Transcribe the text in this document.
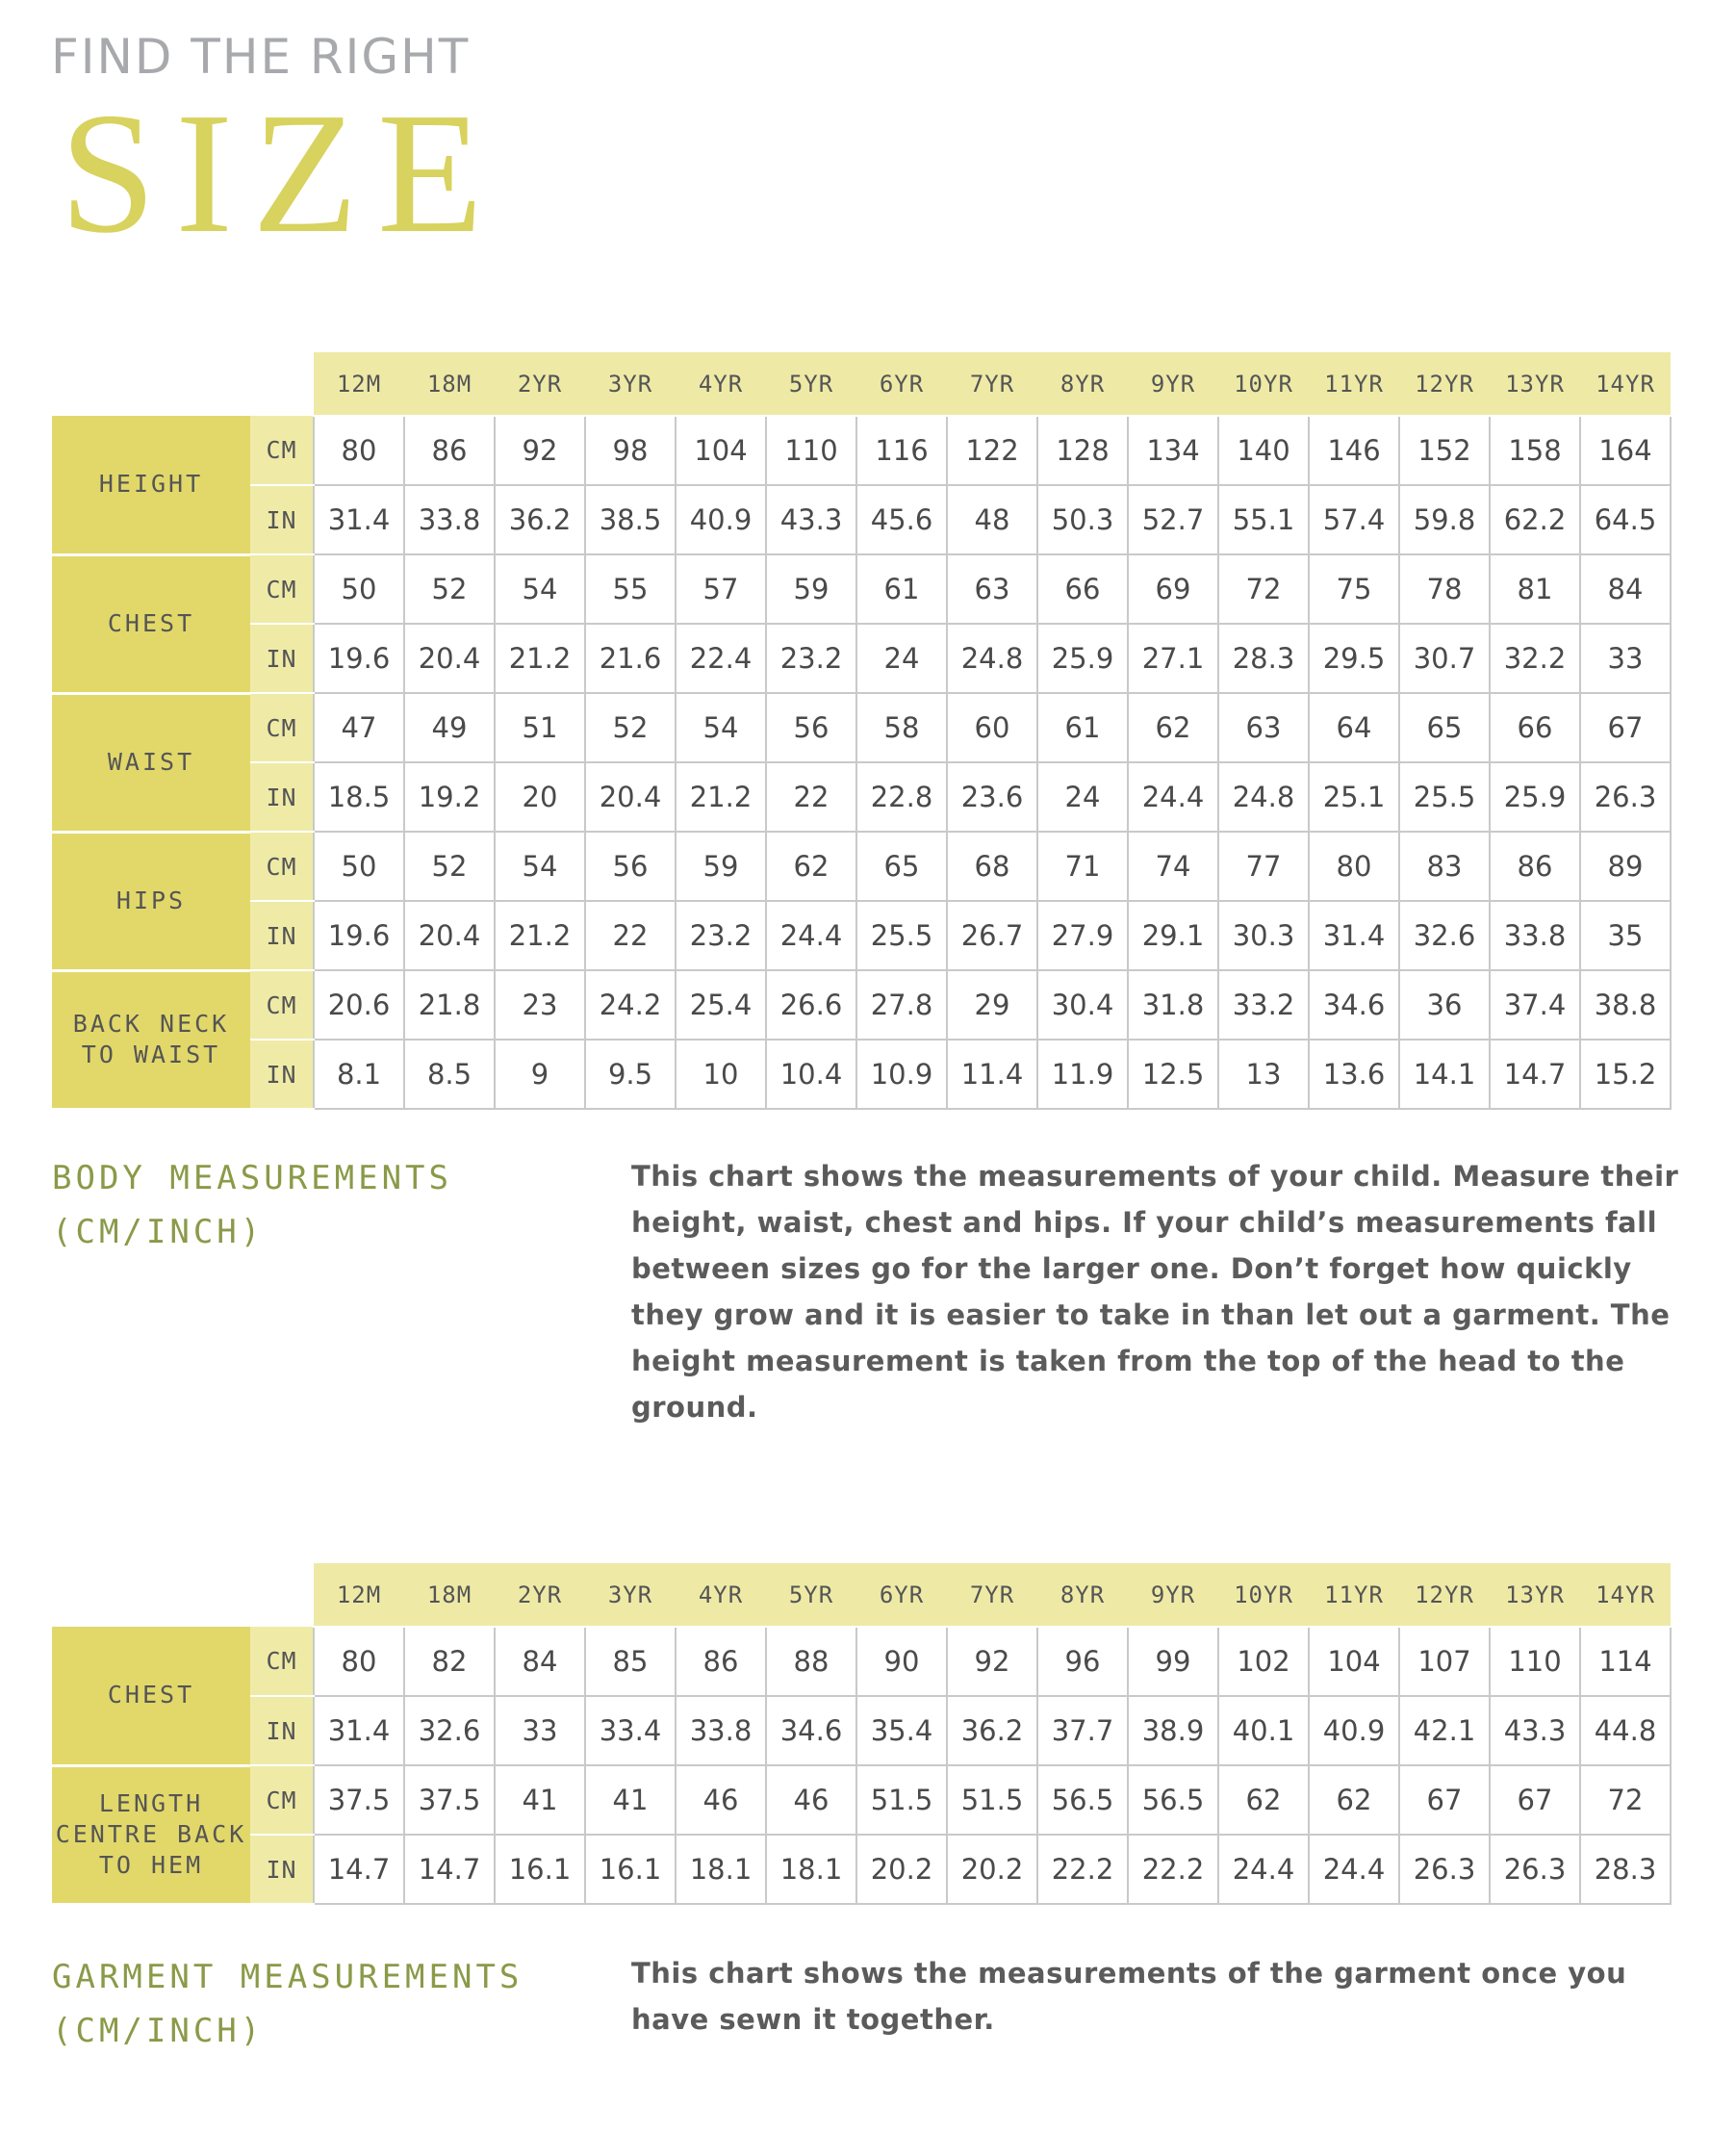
FIND THE RIGHT
SIZE
		12M	18M	2YR	3YR	4YR	5YR	6YR	7YR	8YR	9YR	10YR	11YR	12YR	13YR	14YR
HEIGHT	CM	80	86	92	98	104	110	116	122	128	134	140	146	152	158	164
	IN	31.4	33.8	36.2	38.5	40.9	43.3	45.6	48	50.3	52.7	55.1	57.4	59.8	62.2	64.5
CHEST	CM	50	52	54	55	57	59	61	63	66	69	72	75	78	81	84
	IN	19.6	20.4	21.2	21.6	22.4	23.2	24	24.8	25.9	27.1	28.3	29.5	30.7	32.2	33
WAIST	CM	47	49	51	52	54	56	58	60	61	62	63	64	65	66	67
	IN	18.5	19.2	20	20.4	21.2	22	22.8	23.6	24	24.4	24.8	25.1	25.5	25.9	26.3
HIPS	CM	50	52	54	56	59	62	65	68	71	74	77	80	83	86	89
	IN	19.6	20.4	21.2	22	23.2	24.4	25.5	26.7	27.9	29.1	30.3	31.4	32.6	33.8	35
BACK NECK TO WAIST	CM	20.6	21.8	23	24.2	25.4	26.6	27.8	29	30.4	31.8	33.2	34.6	36	37.4	38.8
	IN	8.1	8.5	9	9.5	10	10.4	10.9	11.4	11.9	12.5	13	13.6	14.1	14.7	15.2
BODY MEASUREMENTS
(CM/INCH)
This chart shows the measurements of your child. Measure their height, waist, chest and hips. If your child’s measurements fall between sizes go for the larger one. Don’t forget how quickly they grow and it is easier to take in than let out a garment. The height measurement is taken from the top of the head to the ground.
		12M	18M	2YR	3YR	4YR	5YR	6YR	7YR	8YR	9YR	10YR	11YR	12YR	13YR	14YR
CHEST	CM	80	82	84	85	86	88	90	92	96	99	102	104	107	110	114
	IN	31.4	32.6	33	33.4	33.8	34.6	35.4	36.2	37.7	38.9	40.1	40.9	42.1	43.3	44.8
LENGTH CENTRE BACK TO HEM	CM	37.5	37.5	41	41	46	46	51.5	51.5	56.5	56.5	62	62	67	67	72
	IN	14.7	14.7	16.1	16.1	18.1	18.1	20.2	20.2	22.2	22.2	24.4	24.4	26.3	26.3	28.3
GARMENT MEASUREMENTS
(CM/INCH)
This chart shows the measurements of the garment once you have sewn it together.
